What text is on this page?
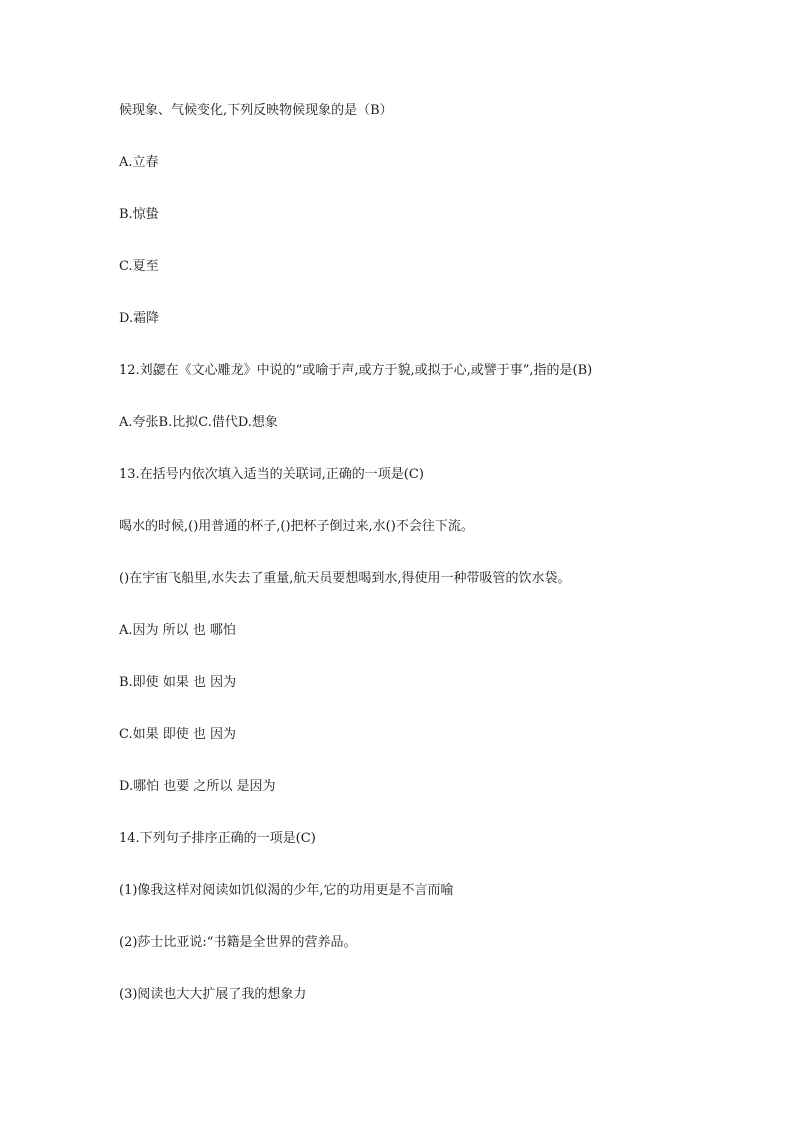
候现象、气候变化,下列反映物候现象的是（B）

A.立春

B.惊蛰

C.夏至

D.霜降

12.刘勰在《文心雕龙》中说的“或喻于声,或方于貌,或拟于心,或譬于事”,指的是(B)

A.夸张B.比拟C.借代D.想象

13.在括号内依次填入适当的关联词,正确的一项是(C)

喝水的时候,()用普通的杯子,()把杯子倒过来,水()不会往下流。

()在宇宙飞船里,水失去了重量,航天员要想喝到水,得使用一种带吸管的饮水袋。

A.因为 所以 也 哪怕

B.即使 如果 也 因为

C.如果 即使 也 因为

D.哪怕 也要 之所以 是因为

14.下列句子排序正确的一项是(C)

(1)像我这样对阅读如饥似渴的少年,它的功用更是不言而喻

(2)莎士比亚说:“书籍是全世界的营养品。

(3)阅读也大大扩展了我的想象力
